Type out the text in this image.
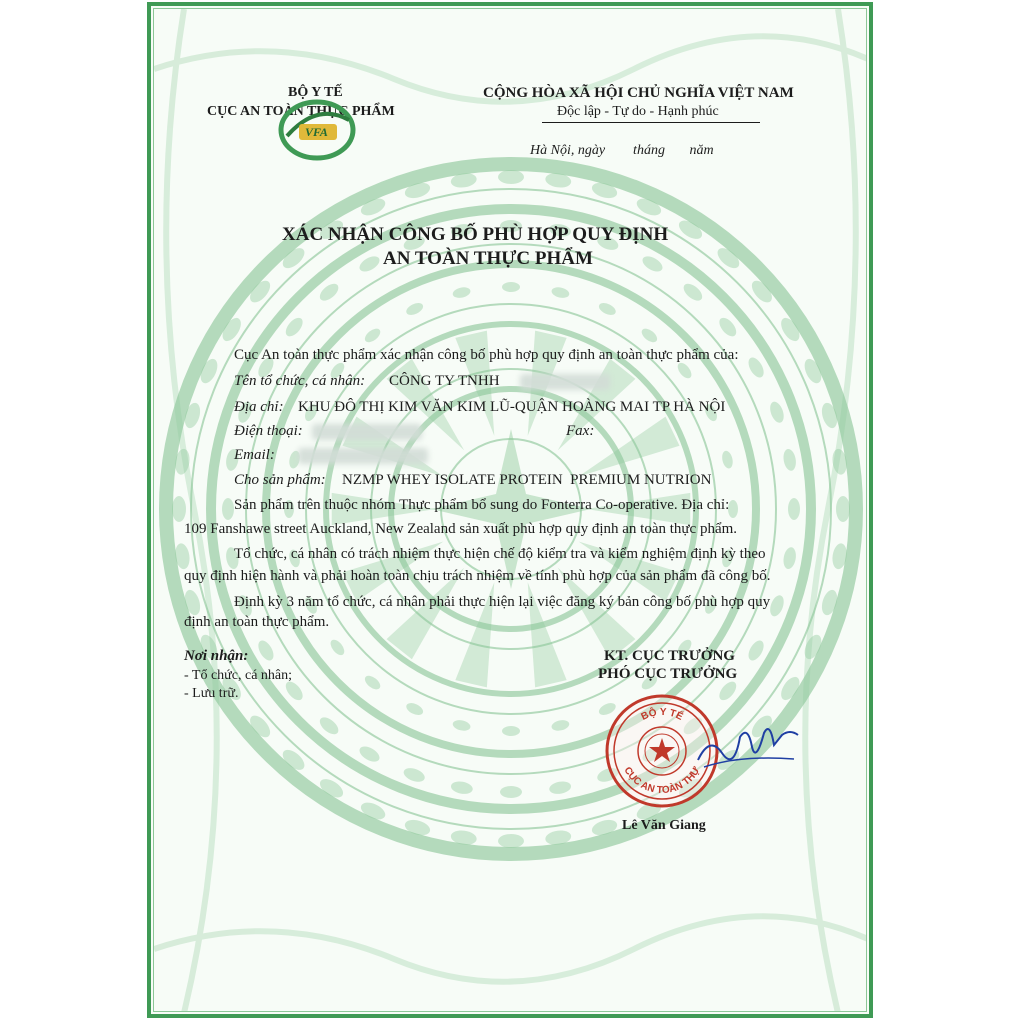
BỘ Y TẾ
CỤC AN TOÀN THỰC PHẨM
VFA
CỘNG HÒA XÃ HỘI CHỦ NGHĨA VIỆT NAM
Độc lập - Tự do - Hạnh phúc
Hà Nội, ngày        tháng       năm
XÁC NHẬN CÔNG BỐ PHÙ HỢP QUY ĐỊNH
AN TOÀN THỰC PHẨM
Cục An toàn thực phẩm xác nhận công bố phù hợp quy định an toàn thực phẩm của:
Tên tổ chức, cá nhân: CÔNG TY TNHH
Địa chỉ: KHU ĐÔ THỊ KIM VĂN KIM LŨ-QUẬN HOÀNG MAI TP HÀ NỘI
Điện thoại:	Fax:
Email:
Cho sản phẩm: NZMP WHEY ISOLATE PROTEIN  PREMIUM NUTRION
Sản phẩm trên thuộc nhóm Thực phẩm bổ sung do Fonterra Co-operative. Địa chỉ:
109 Fanshawe street Auckland, New Zealand sản xuất phù hợp quy định an toàn thực phẩm.
Tổ chức, cá nhân có trách nhiệm thực hiện chế độ kiểm tra và kiểm nghiệm định kỳ theo
quy định hiện hành và phải hoàn toàn chịu trách nhiệm về tính phù hợp của sản phẩm đã công bố.
Định kỳ 3 năm tổ chức, cá nhân phải thực hiện lại việc đăng ký bản công bố phù hợp quy
định an toàn thực phẩm.
Nơi nhận:
- Tổ chức, cá nhân;
- Lưu trữ.
KT. CỤC TRƯỞNG
PHÓ CỤC TRƯỞNG
BỘ Y TẾ
CỤC AN TOÀN THỰ
Lê Văn Giang
